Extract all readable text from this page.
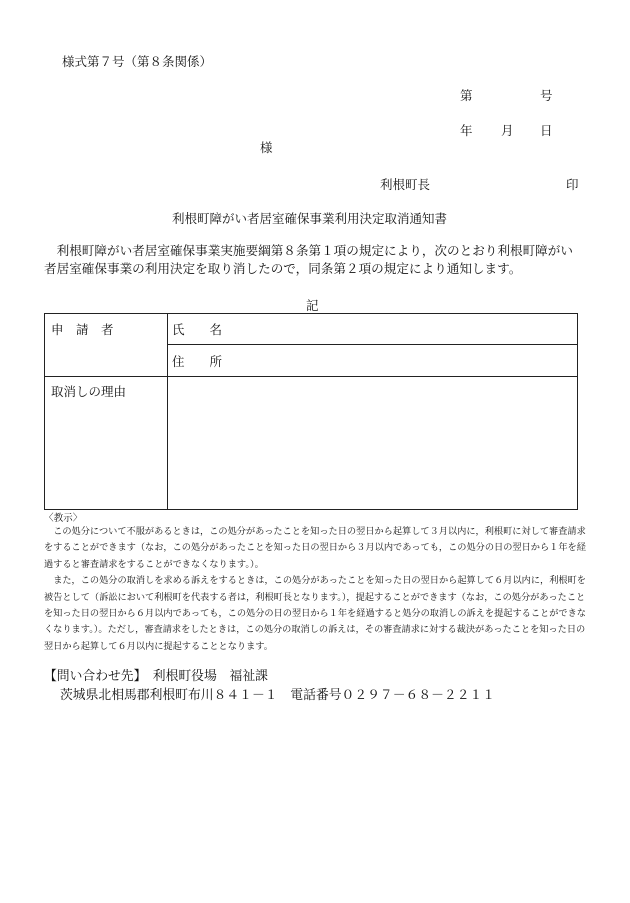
様式第７号（第８条関係）
第	号
年 月 日
様
利根町長	印
利根町障がい者居室確保事業利用決定取消通知書

利根町障がい者居室確保事業実施要綱第８条第１項の規定により，次のとおり利根町障がい者居室確保事業の利用決定を取り消したので，同条第２項の規定により通知します。

記
申　請　者	氏　　名
住　　所
取消しの理由
〈教示〉

この処分について不服があるときは，この処分があったことを知った日の翌日から起算して３月以内に，利根町に対して審査請求をすることができます（なお，この処分があったことを知った日の翌日から３月以内であっても，この処分の日の翌日から１年を経過すると審査請求をすることができなくなります。）。

また，この処分の取消しを求める訴えをするときは，この処分があったことを知った日の翌日から起算して６月以内に，利根町を被告として（訴訟において利根町を代表する者は，利根町長となります。），提起することができます（なお，この処分があったことを知った日の翌日から６月以内であっても，この処分の日の翌日から１年を経過すると処分の取消しの訴えを提起することができなくなります。）。ただし，審査請求をしたときは，この処分の取消しの訴えは，その審査請求に対する裁決があったことを知った日の翌日から起算して６月以内に提起することとなります。

【問い合わせ先】　利根町役場　福祉課
茨城県北相馬郡利根町布川８４１－１　電話番号０２９７－６８－２２１１
